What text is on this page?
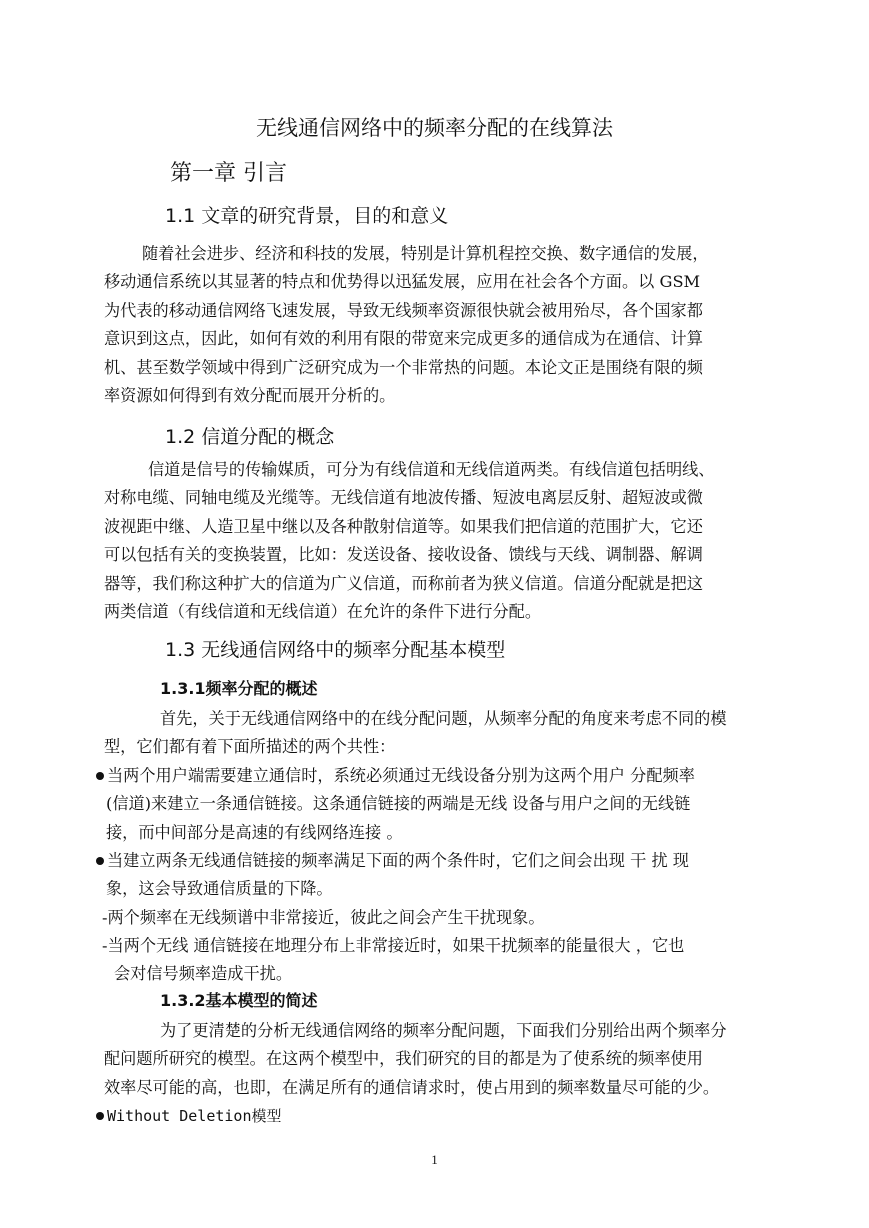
无线通信网络中的频率分配的在线算法
第一章 引言
1.1 文章的研究背景，目的和意义
随着社会进步、经济和科技的发展，特别是计算机程控交换、数字通信的发展，
移动通信系统以其显著的特点和优势得以迅猛发展，应用在社会各个方面。以 GSM
为代表的移动通信网络飞速发展，导致无线频率资源很快就会被用殆尽，各个国家都
意识到这点，因此，如何有效的利用有限的带宽来完成更多的通信成为在通信、计算
机、甚至数学领域中得到广泛研究成为一个非常热的问题。本论文正是围绕有限的频
率资源如何得到有效分配而展开分析的。
1.2 信道分配的概念
信道是信号的传输媒质，可分为有线信道和无线信道两类。有线信道包括明线、
对称电缆、同轴电缆及光缆等。无线信道有地波传播、短波电离层反射、超短波或微
波视距中继、人造卫星中继以及各种散射信道等。如果我们把信道的范围扩大，它还
可以包括有关的变换装置，比如：发送设备、接收设备、馈线与天线、调制器、解调
器等，我们称这种扩大的信道为广义信道，而称前者为狭义信道。信道分配就是把这
两类信道（有线信道和无线信道）在允许的条件下进行分配。
1.3 无线通信网络中的频率分配基本模型
1.3.1频率分配的概述
首先，关于无线通信网络中的在线分配问题，从频率分配的角度来考虑不同的模
型，它们都有着下面所描述的两个共性：
当两个用户端需要建立通信时，系统必须通过无线设备分别为这两个用户 分配频率
(信道)来建立一条通信链接。这条通信链接的两端是无线 设备与用户之间的无线链
接，而中间部分是高速的有线网络连接 。
当建立两条无线通信链接的频率满足下面的两个条件时，它们之间会出现 干 扰 现
象，这会导致通信质量的下降。
-两个频率在无线频谱中非常接近，彼此之间会产生干扰现象。
-当两个无线 通信链接在地理分布上非常接近时，如果干扰频率的能量很大 ，它也
会对信号频率造成干扰。
1.3.2基本模型的简述
为了更清楚的分析无线通信网络的频率分配问题，下面我们分别给出两个频率分
配问题所研究的模型。在这两个模型中，我们研究的目的都是为了使系统的频率使用
效率尽可能的高，也即，在满足所有的通信请求时，使占用到的频率数量尽可能的少。
Without Deletion模型
1
